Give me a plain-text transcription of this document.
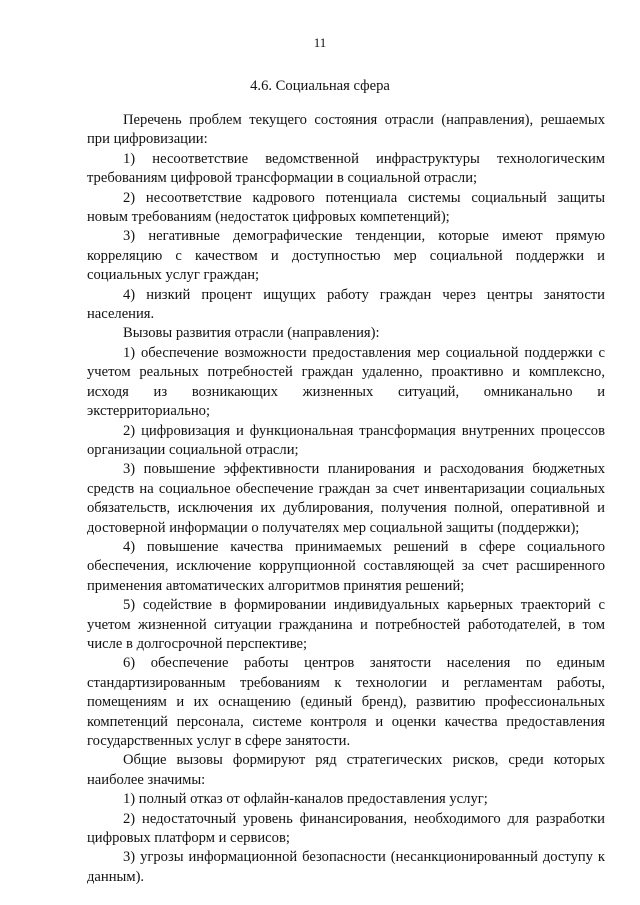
11
4.6. Социальная сфера

Перечень проблем текущего состояния отрасли (направления), решаемых при цифровизации:

1) несоответствие ведомственной инфраструктуры технологическим требованиям цифровой трансформации в социальной отрасли;

2) несоответствие кадрового потенциала системы социальный защиты новым требованиям (недостаток цифровых компетенций);

3) негативные демографические тенденции, которые имеют прямую корреляцию с качеством и доступностью мер социальной поддержки и социальных услуг граждан;

4) низкий процент ищущих работу граждан через центры занятости населения.

Вызовы развития отрасли (направления):

1) обеспечение возможности предоставления мер социальной поддержки с учетом реальных потребностей граждан удаленно, проактивно и комплексно, исходя из возникающих жизненных ситуаций, омниканально и экстерриториально;

2) цифровизация и функциональная трансформация внутренних процессов организации социальной отрасли;

3) повышение эффективности планирования и расходования бюджетных средств на социальное обеспечение граждан за счет инвентаризации социальных обязательств, исключения их дублирования, получения полной, оперативной и достоверной информации о получателях мер социальной защиты (поддержки);

4) повышение качества принимаемых решений в сфере социального обеспечения, исключение коррупционной составляющей за счет расширенного применения автоматических алгоритмов принятия решений;

5) содействие в формировании индивидуальных карьерных траекторий с учетом жизненной ситуации гражданина и потребностей работодателей, в том числе в долгосрочной перспективе;

6) обеспечение работы центров занятости населения по единым стандартизированным требованиям к технологии и регламентам работы, помещениям и их оснащению (единый бренд), развитию профессиональных компетенций персонала, системе контроля и оценки качества предоставления государственных услуг в сфере занятости.

Общие вызовы формируют ряд стратегических рисков, среди которых наиболее значимы:

1) полный отказ от офлайн-каналов предоставления услуг;

2) недостаточный уровень финансирования, необходимого для разработки цифровых платформ и сервисов;

3) угрозы информационной безопасности (несанкционированный доступу к данным).
